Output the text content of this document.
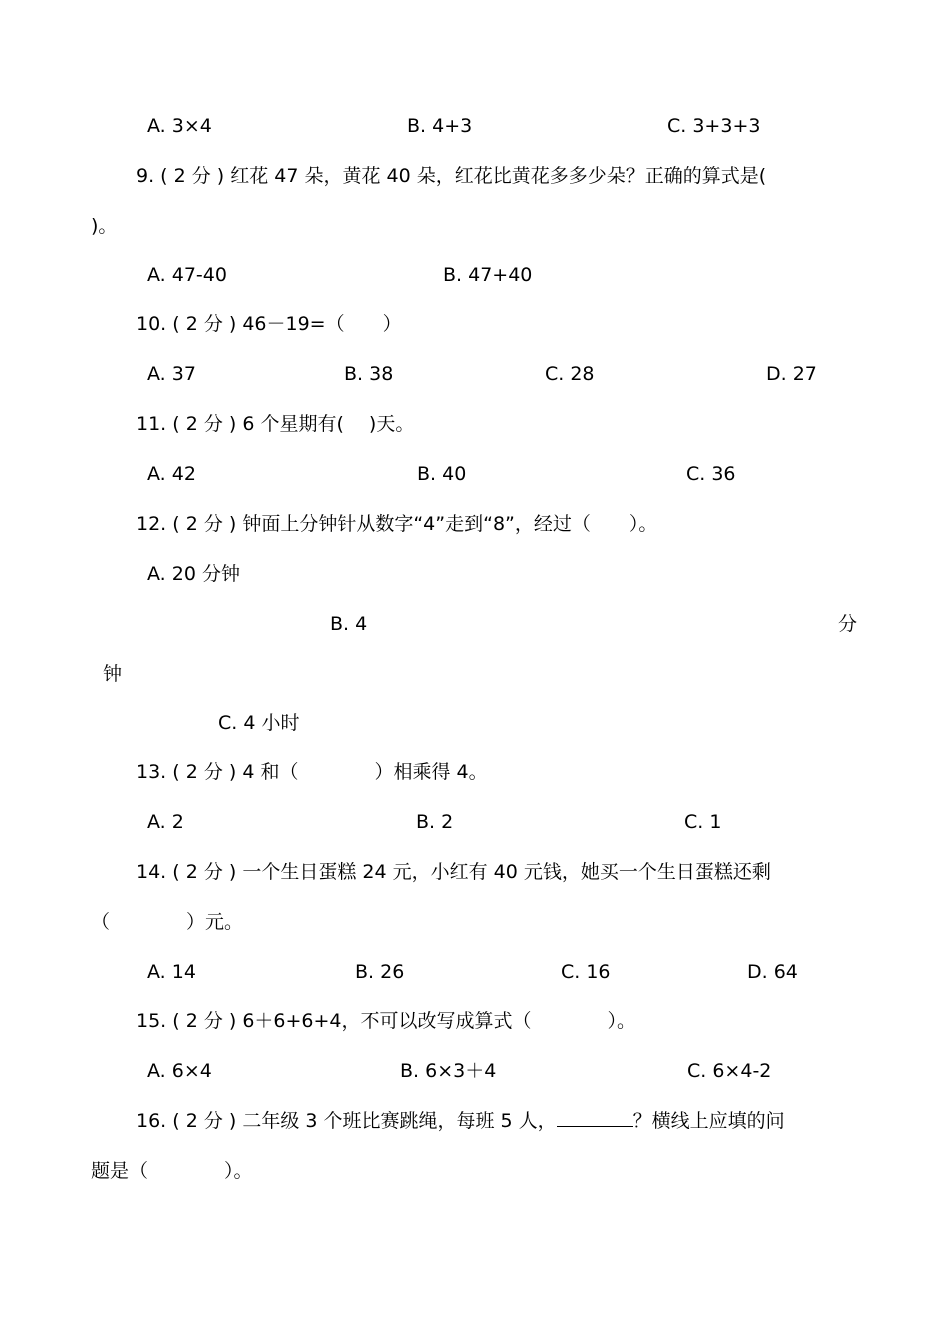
A. 3×4	B. 4+3	C. 3+3+3
9. ( 2 分 ) 红花 47 朵，黄花 40 朵，红花比黄花多多少朵？正确的算式是(
)。
A. 47-40	B. 47+40
10. ( 2 分 ) 46－19=（　　）
A. 37	B. 38	C. 28	D. 27
11. ( 2 分 ) 6 个星期有(　 )天。
A. 42	B. 40	C. 36
12. ( 2 分 ) 钟面上分钟针从数字“4”走到“8”，经过（　　）。
A. 20 分钟
B. 4	分
钟
C. 4 小时
13. ( 2 分 ) 4 和（　　　　）相乘得 4。
A. 2	B. 2	C. 1
14. ( 2 分 ) 一个生日蛋糕 24 元，小红有 40 元钱，她买一个生日蛋糕还剩
（　　　　）元。
A. 14	B. 26	C. 16	D. 64
15. ( 2 分 ) 6＋6+6+4，不可以改写成算式（　　　　）。
A. 6×4	B. 6×3＋4	C. 6×4-2
16. ( 2 分 ) 二年级 3 个班比赛跳绳，每班 5 人，	？横线上应填的问
题是（　　　　）。
